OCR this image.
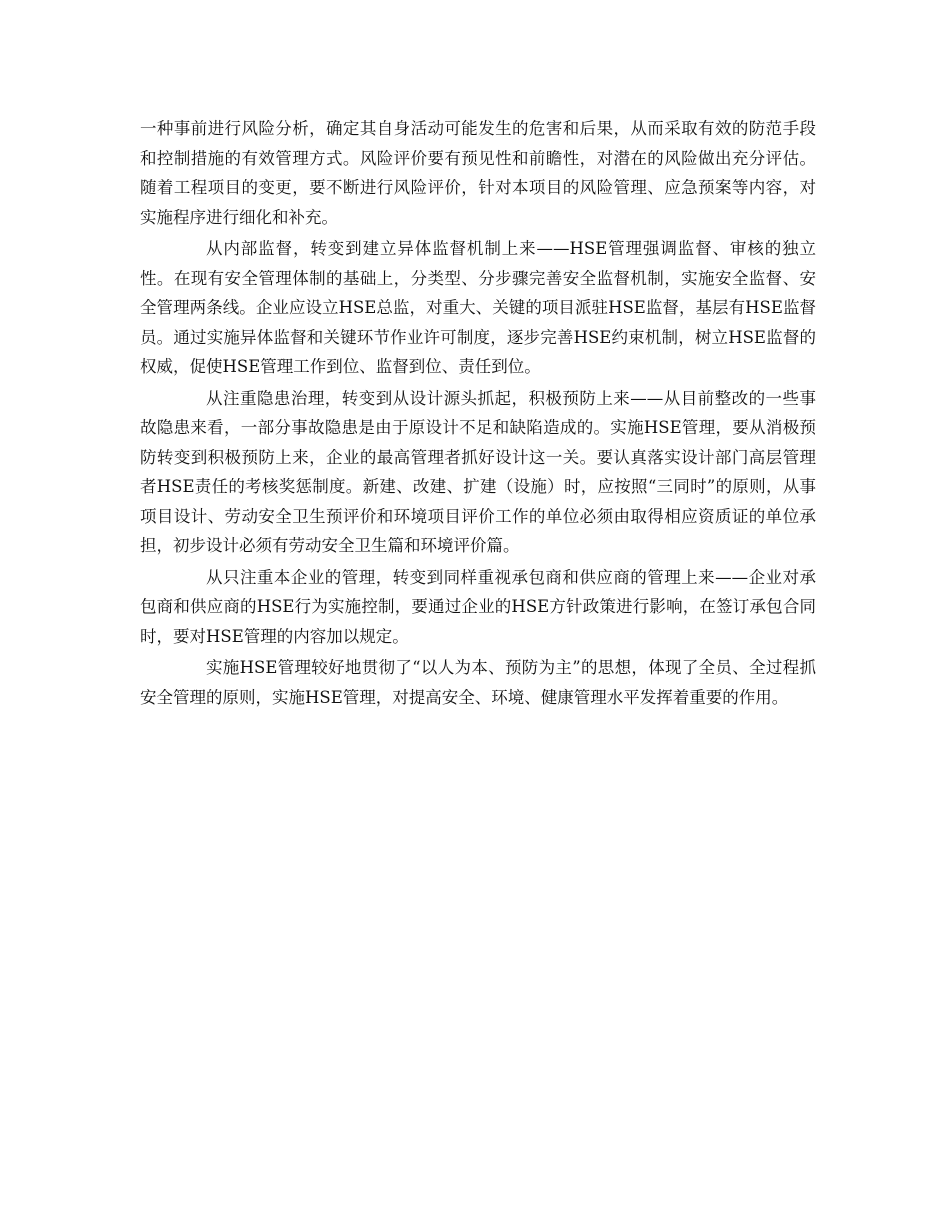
一种事前进行风险分析，确定其自身活动可能发生的危害和后果，从而采取有效的防范手段和控制措施的有效管理方式。风险评价要有预见性和前瞻性，对潜在的风险做出充分评估。随着工程项目的变更，要不断进行风险评价，针对本项目的风险管理、应急预案等内容，对实施程序进行细化和补充。

从内部监督，转变到建立异体监督机制上来——HSE管理强调监督、审核的独立性。在现有安全管理体制的基础上，分类型、分步骤完善安全监督机制，实施安全监督、安全管理两条线。企业应设立HSE总监，对重大、关键的项目派驻HSE监督，基层有HSE监督员。通过实施异体监督和关键环节作业许可制度，逐步完善HSE约束机制，树立HSE监督的权威，促使HSE管理工作到位、监督到位、责任到位。

从注重隐患治理，转变到从设计源头抓起，积极预防上来——从目前整改的一些事故隐患来看，一部分事故隐患是由于原设计不足和缺陷造成的。实施HSE管理，要从消极预防转变到积极预防上来，企业的最高管理者抓好设计这一关。要认真落实设计部门高层管理者HSE责任的考核奖惩制度。新建、改建、扩建（设施）时，应按照“三同时”的原则，从事项目设计、劳动安全卫生预评价和环境项目评价工作的单位必须由取得相应资质证的单位承担，初步设计必须有劳动安全卫生篇和环境评价篇。

从只注重本企业的管理，转变到同样重视承包商和供应商的管理上来——企业对承包商和供应商的HSE行为实施控制，要通过企业的HSE方针政策进行影响，在签订承包合同时，要对HSE管理的内容加以规定。

实施HSE管理较好地贯彻了“以人为本、预防为主”的思想，体现了全员、全过程抓安全管理的原则，实施HSE管理，对提高安全、环境、健康管理水平发挥着重要的作用。
